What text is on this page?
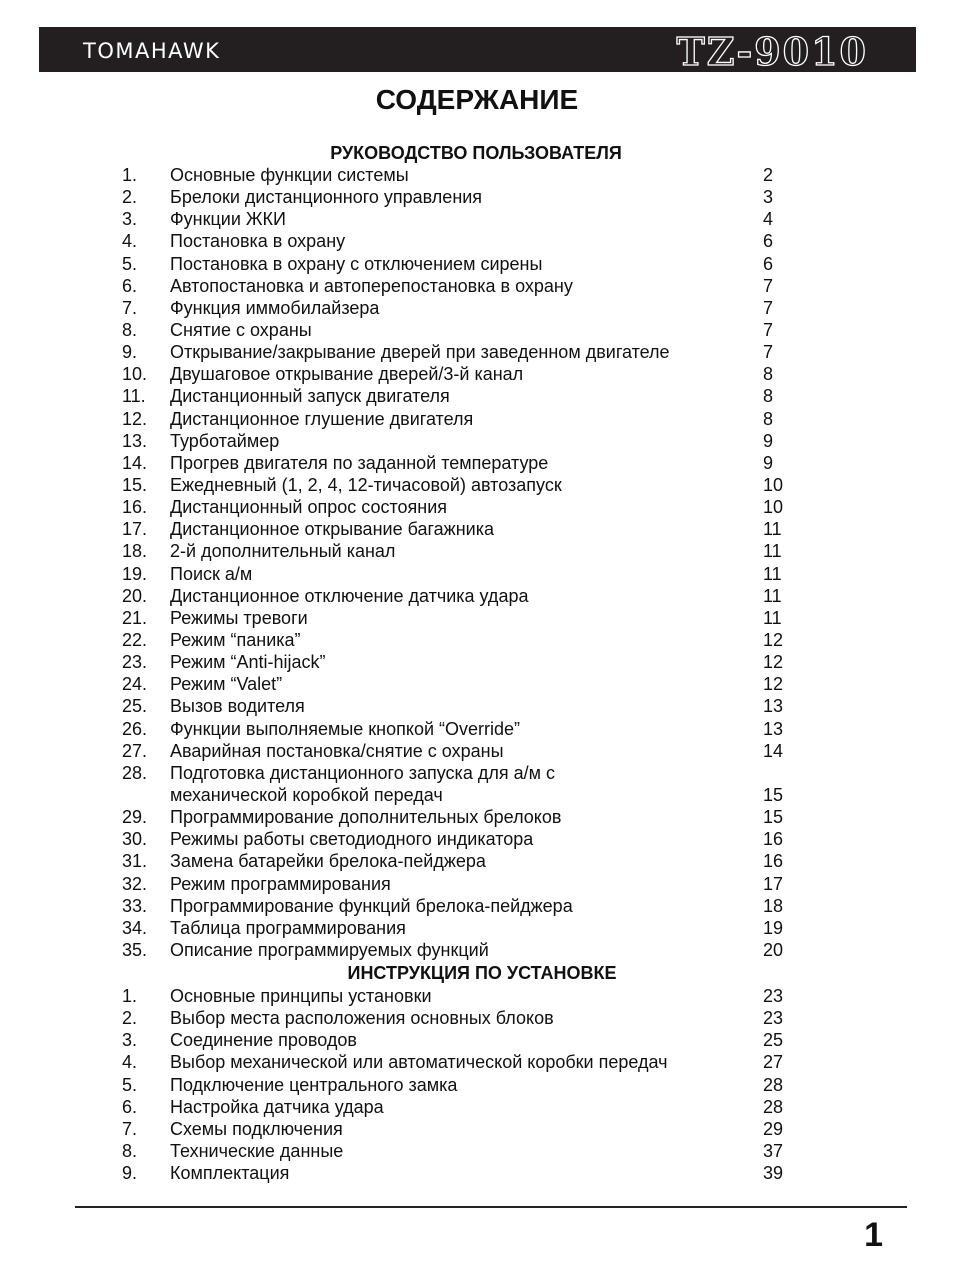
TOMAHAWK	TZ-9010
СОДЕРЖАНИЕ
РУКОВОДСТВО ПОЛЬЗОВАТЕЛЯ
1. Основные функции системы	2
2. Брелоки дистанционного управления	3
3. Функции ЖКИ	4
4. Постановка в охрану	6
5. Постановка в охрану с отключением сирены	6
6. Автопостановка и автоперепостановка в охрану	7
7. Функция иммобилайзера	7
8. Снятие с охраны	7
9. Открывание/закрывание дверей при заведенном двигателе	7
10. Двушаговое открывание дверей/3-й канал	8
11. Дистанционный запуск двигателя	8
12. Дистанционное глушение двигателя	8
13. Турботаймер	9
14. Прогрев двигателя по заданной температуре	9
15. Ежедневный (1, 2, 4, 12-тичасовой) автозапуск	10
16. Дистанционный опрос состояния	10
17. Дистанционное открывание багажника	11
18. 2-й дополнительный канал	11
19. Поиск а/м	11
20. Дистанционное отключение датчика удара	11
21. Режимы тревоги	11
22. Режим “паника”	12
23. Режим “Anti-hijack”	12
24. Режим “Valet”	12
25. Вызов водителя	13
26. Функции выполняемые кнопкой “Override”	13
27. Аварийная постановка/снятие с охраны	14
28. Подготовка дистанционного запуска для а/м с
механической коробкой передач	15
29. Программирование дополнительных брелоков	15
30. Режимы работы светодиодного индикатора	16
31. Замена батарейки брелока-пейджера	16
32. Режим программирования	17
33. Программирование функций брелока-пейджера	18
34. Таблица программирования	19
35. Описание программируемых функций	20
ИНСТРУКЦИЯ ПО УСТАНОВКЕ
1. Основные принципы установки	23
2. Выбор места расположения основных блоков	23
3. Соединение проводов	25
4. Выбор механической или автоматической коробки передач	27
5. Подключение центрального замка	28
6. Настройка датчика удара	28
7. Схемы подключения	29
8. Технические данные	37
9. Комплектация	39
1
